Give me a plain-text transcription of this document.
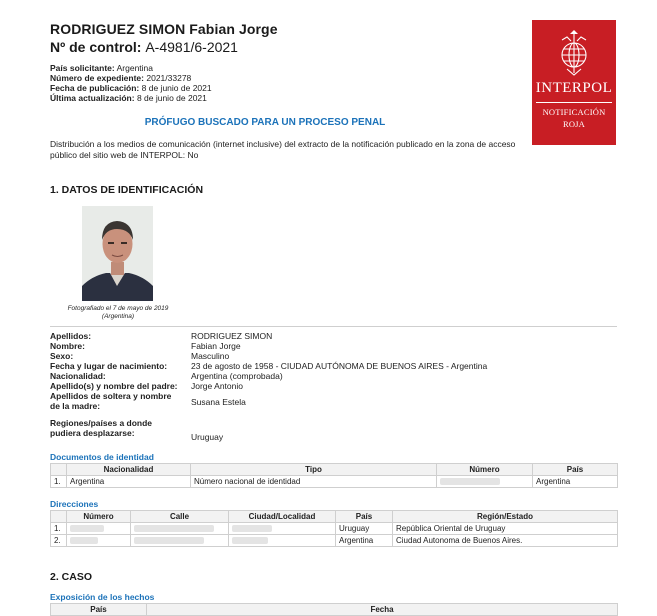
RODRIGUEZ SIMON Fabian Jorge
Nº de control: A-4981/6-2021
País solicitante: Argentina
Número de expediente: 2021/33278
Fecha de publicación: 8 de junio de 2021
Última actualización: 8 de junio de 2021
INTERPOL
NOTIFICACIÓN
ROJA
PRÓFUGO BUSCADO PARA UN PROCESO PENAL
Distribución a los medios de comunicación (internet inclusive) del extracto de la notificación publicado en la zona de acceso público del sitio web de INTERPOL: No
1. DATOS DE IDENTIFICACIÓN
Fotografiado el 7 de mayo de 2019
(Argentina)
Apellidos:	RODRIGUEZ SIMON
Nombre:	Fabian Jorge
Sexo:	Masculino
Fecha y lugar de nacimiento:	23 de agosto de 1958 - CIUDAD AUTÓNOMA DE BUENOS AIRES - Argentina
Nacionalidad:	Argentina (comprobada)
Apellido(s) y nombre del padre:	Jorge Antonio
Apellidos de soltera y nombre de la madre:	Susana Estela
Regiones/países a donde pudiera desplazarse:	Uruguay
Documentos de identidad
	Nacionalidad	Tipo	Número	País
1.	Argentina	Número nacional de identidad		Argentina
Direcciones
	Número	Calle	Ciudad/Localidad	País	Región/Estado
1.				Uruguay	República Oriental de Uruguay
2.				Argentina	Ciudad Autonoma de Buenos Aires.
2. CASO
Exposición de los hechos
País	Fecha
